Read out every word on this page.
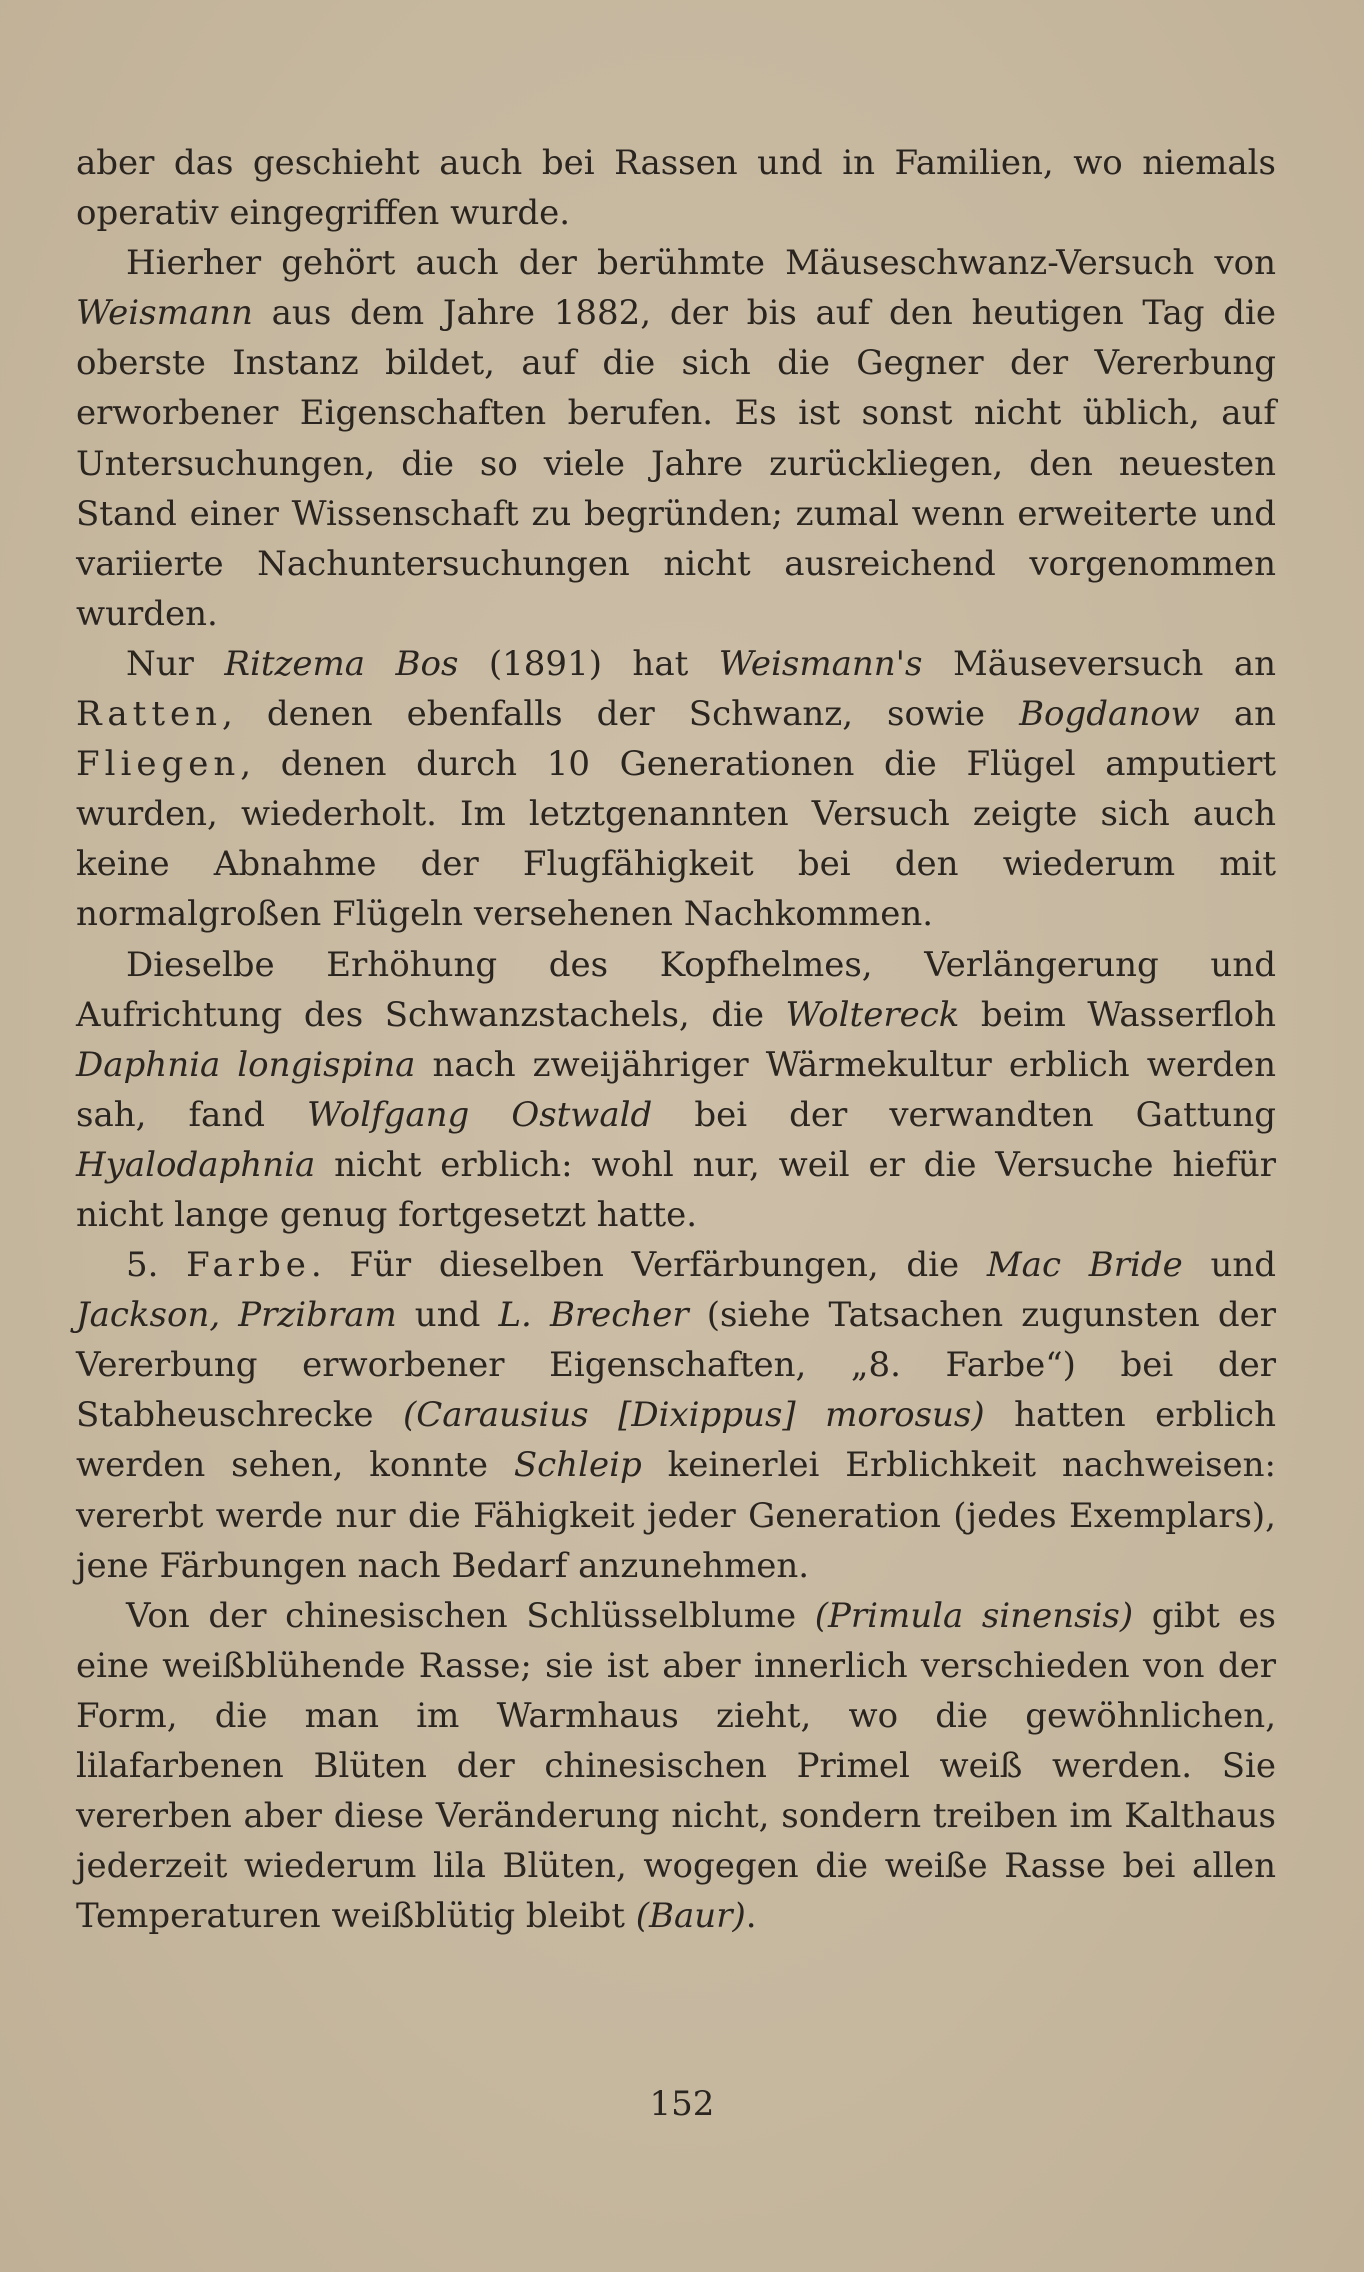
aber das geschieht auch bei Rassen und in Familien, wo niemals operativ eingegriffen wurde.

Hierher gehört auch der berühmte Mäuseschwanz-Versuch von Weismann aus dem Jahre 1882, der bis auf den heutigen Tag die oberste Instanz bildet, auf die sich die Gegner der Vererbung erworbener Eigenschaften berufen. Es ist sonst nicht üblich, auf Untersuchungen, die so viele Jahre zurückliegen, den neuesten Stand einer Wissenschaft zu begründen; zumal wenn erweiterte und variierte Nachuntersuchungen nicht ausreichend vorgenommen wurden.

Nur Ritzema Bos (1891) hat Weismann's Mäuseversuch an Ratten, denen ebenfalls der Schwanz, sowie Bogdanow an Fliegen, denen durch 10 Generationen die Flügel amputiert wurden, wiederholt. Im letztgenannten Versuch zeigte sich auch keine Abnahme der Flugfähigkeit bei den wiederum mit normalgroßen Flügeln versehenen Nachkommen.

Dieselbe Erhöhung des Kopfhelmes, Verlängerung und Aufrichtung des Schwanzstachels, die Woltereck beim Wasserfloh Daphnia longispina nach zweijähriger Wärmekultur erblich werden sah, fand Wolfgang Ostwald bei der verwandten Gattung Hyalodaphnia nicht erblich: wohl nur, weil er die Versuche hiefür nicht lange genug fortgesetzt hatte.

5. Farbe. Für dieselben Verfärbungen, die Mac Bride und Jackson, Przibram und L. Brecher (siehe Tatsachen zugunsten der Vererbung erworbener Eigenschaften, „8. Farbe“) bei der Stabheuschrecke (Carausius [Dixippus] morosus) hatten erblich werden sehen, konnte Schleip keinerlei Erblichkeit nachweisen: vererbt werde nur die Fähigkeit jeder Generation (jedes Exemplars), jene Färbungen nach Bedarf anzunehmen.

Von der chinesischen Schlüsselblume (Primula sinensis) gibt es eine weißblühende Rasse; sie ist aber innerlich verschieden von der Form, die man im Warmhaus zieht, wo die gewöhnlichen, lilafarbenen Blüten der chinesischen Primel weiß werden. Sie vererben aber diese Veränderung nicht, sondern treiben im Kalthaus jederzeit wiederum lila Blüten, wogegen die weiße Rasse bei allen Temperaturen weißblütig bleibt (Baur).

152
